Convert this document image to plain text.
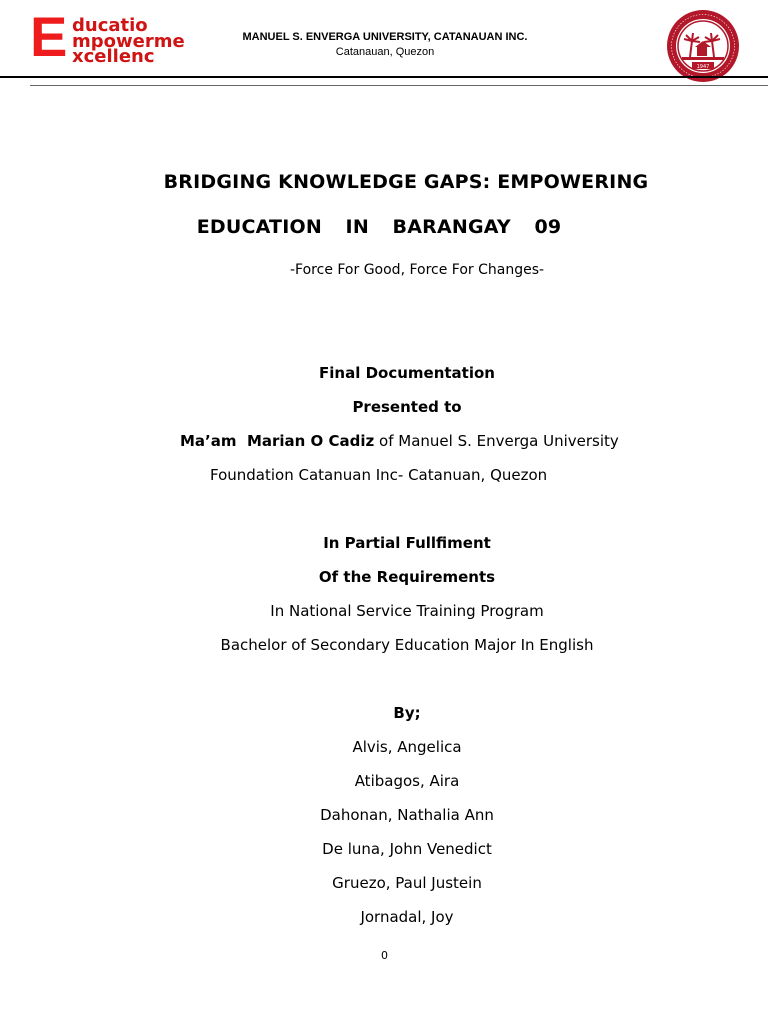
E ducatio
mpowerme
xcellenc
MANUEL S. ENVERGA UNIVERSITY, CATANAUAN INC.
Catanauan, Quezon
1947
BRIDGING KNOWLEDGE GAPS: EMPOWERING
EDUCATION  IN  BARANGAY  09
-Force For Good, Force For Changes-
Final Documentation
Presented to
Ma’am  Marian O Cadiz of Manuel S. Enverga University
Foundation Catanuan Inc- Catanuan, Quezon
In Partial Fullfiment
Of the Requirements
In National Service Training Program
Bachelor of Secondary Education Major In English
By;
Alvis, Angelica
Atibagos, Aira
Dahonan, Nathalia Ann
De luna, John Venedict
Gruezo, Paul Justein
Jornadal, Joy
0
